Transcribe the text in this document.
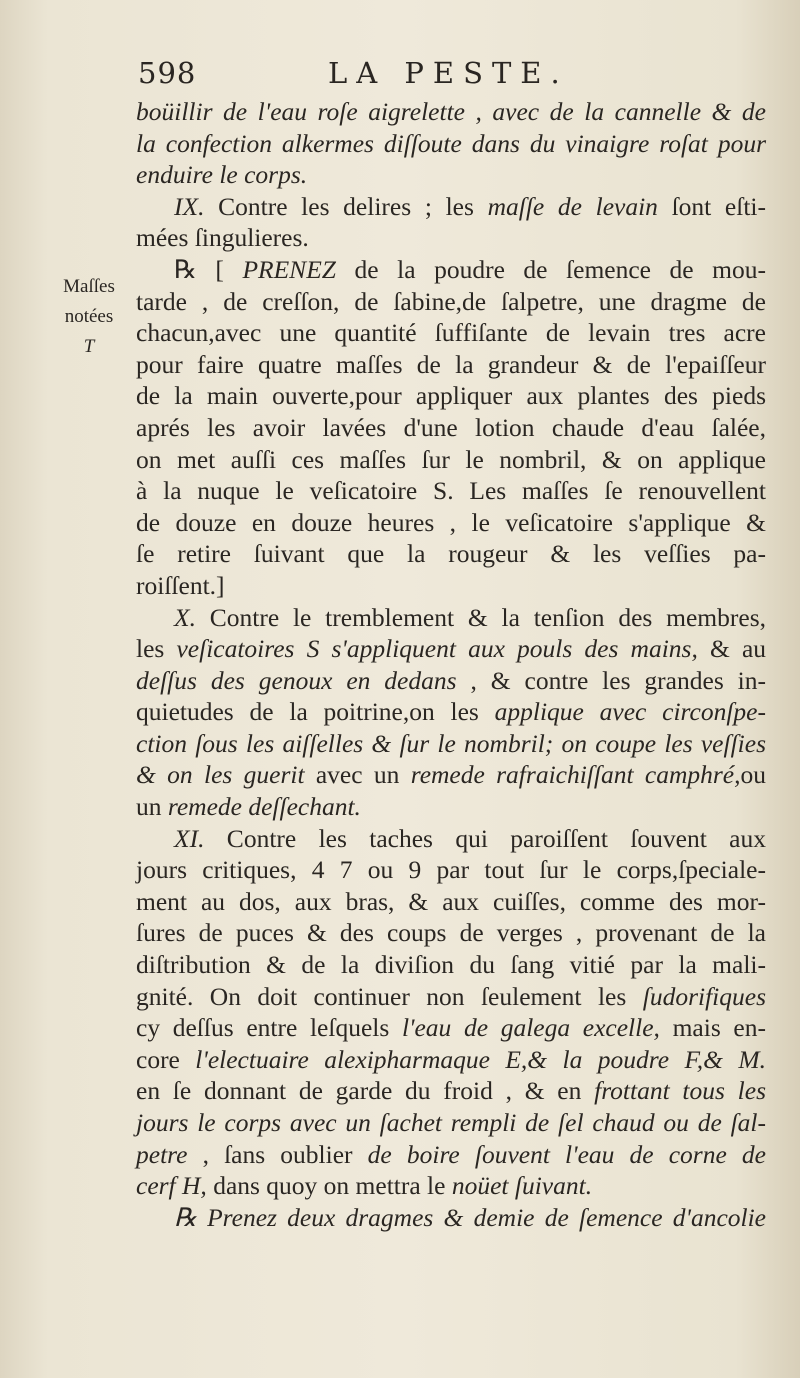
598	LA PESTE.
Maſſes
notées
T
boüillir de l'eau roſe aigrelette , avec de la cannelle & de
la confection alkermes diſſoute dans du vinaigre roſat pour
enduire le corps.
IX. Contre les delires ; les maſſe de levain ſont eſti-
mées ſingulieres.
℞ [ PRENEZ de la poudre de ſemence de mou-
tarde , de creſſon, de ſabine,de ſalpetre, une dragme de
chacun,avec une quantité ſuffiſante de levain tres acre
pour faire quatre maſſes de la grandeur & de l'epaiſſeur
de la main ouverte,pour appliquer aux plantes des pieds
aprés les avoir lavées d'une lotion chaude d'eau ſalée,
on met auſſi ces maſſes ſur le nombril, & on applique
à la nuque le veſicatoire S. Les maſſes ſe renouvellent
de douze en douze heures , le veſicatoire s'applique &
ſe retire ſuivant que la rougeur & les veſſies pa-
roiſſent.]
X. Contre le tremblement & la tenſion des membres,
les veſicatoires S s'appliquent aux pouls des mains, & au
deſſus des genoux en dedans , & contre les grandes in-
quietudes de la poitrine,on les applique avec circonſpe-
ction ſous les aiſſelles & ſur le nombril; on coupe les veſſies
& on les guerit avec un remede rafraichiſſant camphré,ou
un remede deſſechant.
XI. Contre les taches qui paroiſſent ſouvent aux
jours critiques, 4 7 ou 9 par tout ſur le corps,ſpeciale-
ment au dos, aux bras, & aux cuiſſes, comme des mor-
ſures de puces & des coups de verges , provenant de la
diſtribution & de la diviſion du ſang vitié par la mali-
gnité. On doit continuer non ſeulement les ſudorifiques
cy deſſus entre leſquels l'eau de galega excelle, mais en-
core l'electuaire alexipharmaque E,& la poudre F,& M.
en ſe donnant de garde du froid , & en frottant tous les
jours le corps avec un ſachet rempli de ſel chaud ou de ſal-
petre , ſans oublier de boire ſouvent l'eau de corne de
cerf H, dans quoy on mettra le noüet ſuivant.
℞ Prenez deux dragmes & demie de ſemence d'ancolie
